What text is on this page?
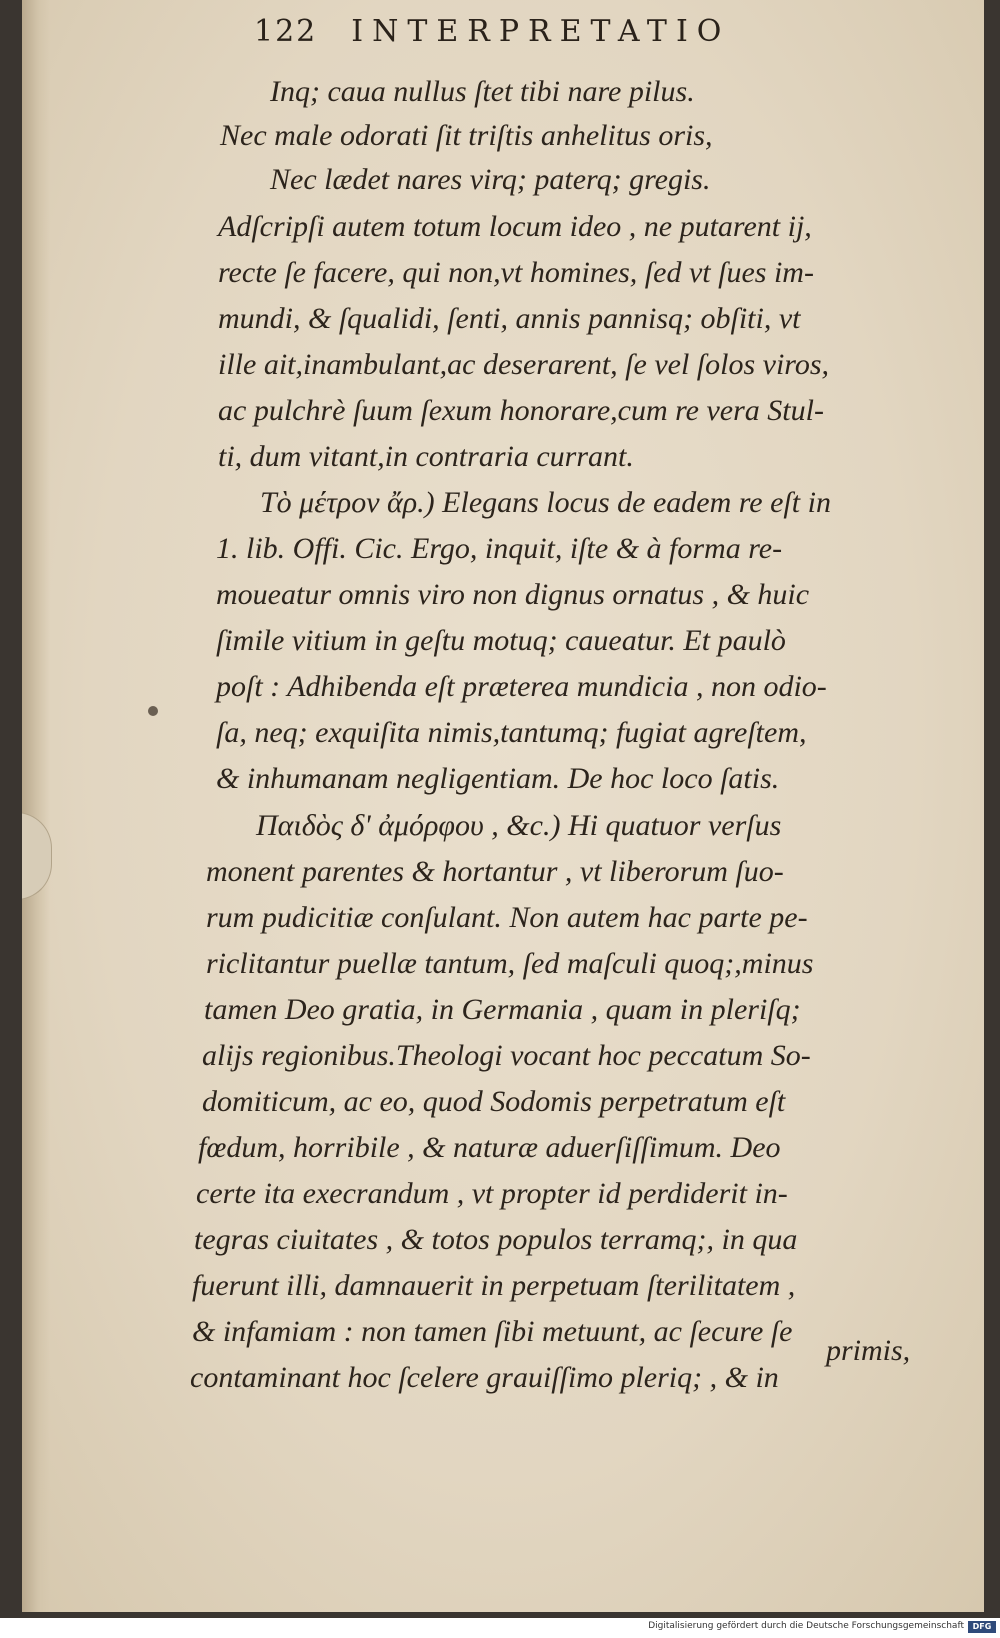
122 INTERPRETATIO
Inq; caua nullus ſtet tibi nare pilus.
Nec male odorati ſit triſtis anhelitus oris,
Nec lædet nares virq; paterq; gregis.
Adſcripſi autem totum locum ideo , ne putarent ij,
recte ſe facere, qui non,vt homines, ſed vt ſues im-
mundi, & ſqualidi, ſenti, annis pannisq; obſiti, vt
ille ait,inambulant,ac deserarent, ſe vel ſolos viros,
ac pulchrè ſuum ſexum honorare,cum re vera Stul-
ti, dum vitant,in contraria currant.
Τὸ μέτρον ἄρ.) Elegans locus de eadem re eſt in
1. lib. Offi. Cic. Ergo, inquit, iſte & à forma re-
moueatur omnis viro non dignus ornatus , & huic
ſimile vitium in geſtu motuq; caueatur. Et paulò
poſt : Adhibenda eſt præterea mundicia , non odio-
ſa, neq; exquiſita nimis,tantumq; fugiat agreſtem,
& inhumanam negligentiam. De hoc loco ſatis.
Παιδὸς δ' ἀμόρφου , &c.) Hi quatuor verſus
monent parentes & hortantur , vt liberorum ſuo-
rum pudicitiæ conſulant. Non autem hac parte pe-
riclitantur puellæ tantum, ſed maſculi quoq;,minus
tamen Deo gratia, in Germania , quam in pleriſq;
alijs regionibus.Theologi vocant hoc peccatum So-
domiticum, ac eo, quod Sodomis perpetratum eſt
fœdum, horribile , & naturæ aduerſiſſimum. Deo
certe ita execrandum , vt propter id perdiderit in-
tegras ciuitates , & totos populos terramq;, in qua
fuerunt illi, damnauerit in perpetuam ſterilitatem ,
& infamiam : non tamen ſibi metuunt, ac ſecure ſe
contaminant hoc ſcelere grauiſſimo pleriq; , & in
primis,
Digitalisierung gefördert durch die Deutsche Forschungsgemeinschaft	DFG
